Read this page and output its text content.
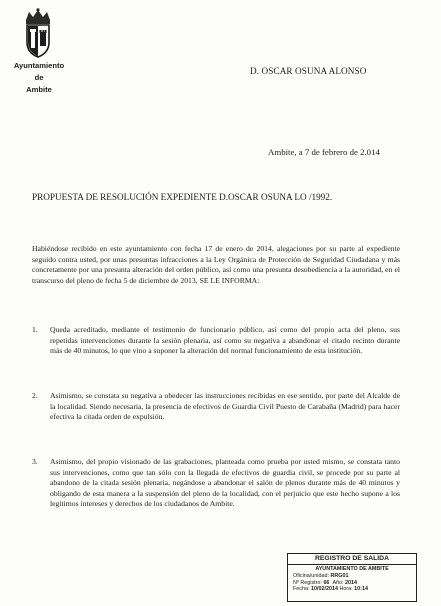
Ayuntamiento
de
Ambite
D. OSCAR OSUNA ALONSO
Ambite, a 7 de febrero de 2.014
PROPUESTA DE RESOLUCIÓN EXPEDIENTE D.OSCAR OSUNA LO /1992.
Habiéndose recibido en este ayuntamiento con fecha 17 de enero de 2014, alegaciones por su parte al expediente seguido contra usted, por unas presuntas infracciones a la Ley Orgánica de Protección de Seguridad Ciudadana y más concretamente por una presunta alteración del orden público, así como una presunta desobediencia a la autoridad, en el transcurso del pleno de fecha 5 de diciembre de 2013, SE LE INFORMA:
1.	Queda acreditado, mediante el testimonio de funcionario público, así como del propio acta del pleno, sus repetidas intervenciones durante la sesión plenaria, así como su negativa a abandonar el citado recinto durante más de 40 minutos, lo que vino a suponer la alteración del normal funcionamiento de esta institución.
2.	Asimismo, se constata su negativa a obedecer las instrucciones recibidas en ese sentido, por parte del Alcalde de la localidad. Siendo necesaria, la presencia de efectivos de Guardia Civil Puesto de Carabaña (Madrid) para hacer efectiva la citada orden de expulsión.
3.	Asimismo, del propio visionado de las grabaciones, planteada como prueba por usted mismo, se constata tanto sus intervenciones, como que tan sólo con la llegada de efectivos de guardia civil, se procede por su parte al abandono de la citada sesión plenaria, negándose a abandonar el salón de plenos durante más de 40 minutos y obligando de esta manera a la suspensión del pleno de la localidad, con el perjuicio que este hecho supone a los legítimos intereses y derechos de los ciudadanos de Ambite.
REGISTRO DE SALIDA
AYUNTAMIENTO DE AMBITE
Oficina/unidad: RRG01
Nº Registro: 66 Año: 2014
Fecha: 10/02/2014 Hora: 10:14
